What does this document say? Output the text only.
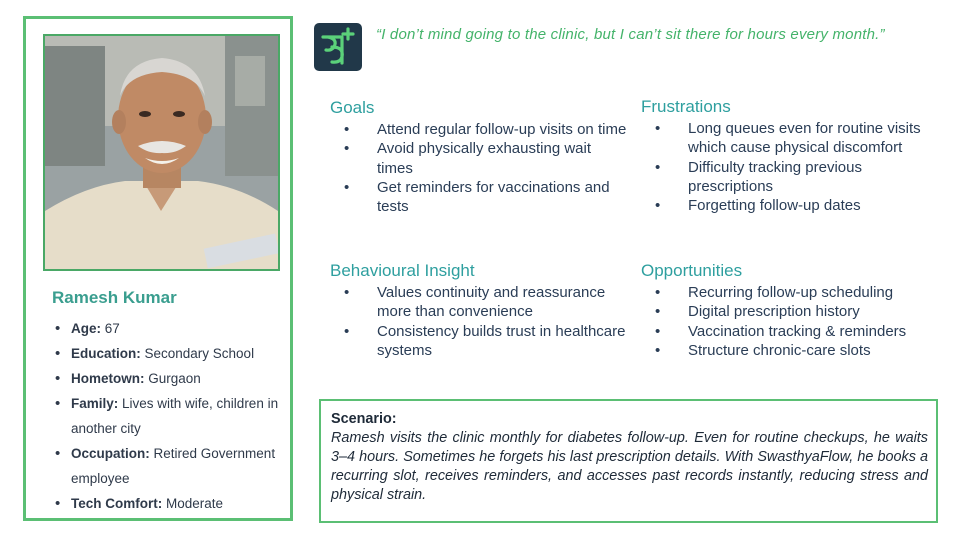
Ramesh Kumar
• Age: 67
• Education: Secondary School
• Hometown: Gurgaon
• Family: Lives with wife, children in another city
• Occupation: Retired Government employee
• Tech Comfort: Moderate
“I don’t mind going to the clinic, but I can’t sit there for hours every month.”
Goals
• Attend regular follow-up visits on time
• Avoid physically exhausting wait times
• Get reminders for vaccinations and tests
Frustrations
• Long queues even for routine visits which cause physical discomfort
• Difficulty tracking previous prescriptions
• Forgetting follow-up dates
Behavioural Insight
• Values continuity and reassurance more than convenience
• Consistency builds trust in healthcare systems
Opportunities
• Recurring follow-up scheduling
• Digital prescription history
• Vaccination tracking & reminders
• Structure chronic-care slots
Scenario:
Ramesh visits the clinic monthly for diabetes follow-up. Even for routine checkups, he waits 3–4 hours. Sometimes he forgets his last prescription details. With SwasthyaFlow, he books a recurring slot, receives reminders, and accesses past records instantly, reducing stress and physical strain.
